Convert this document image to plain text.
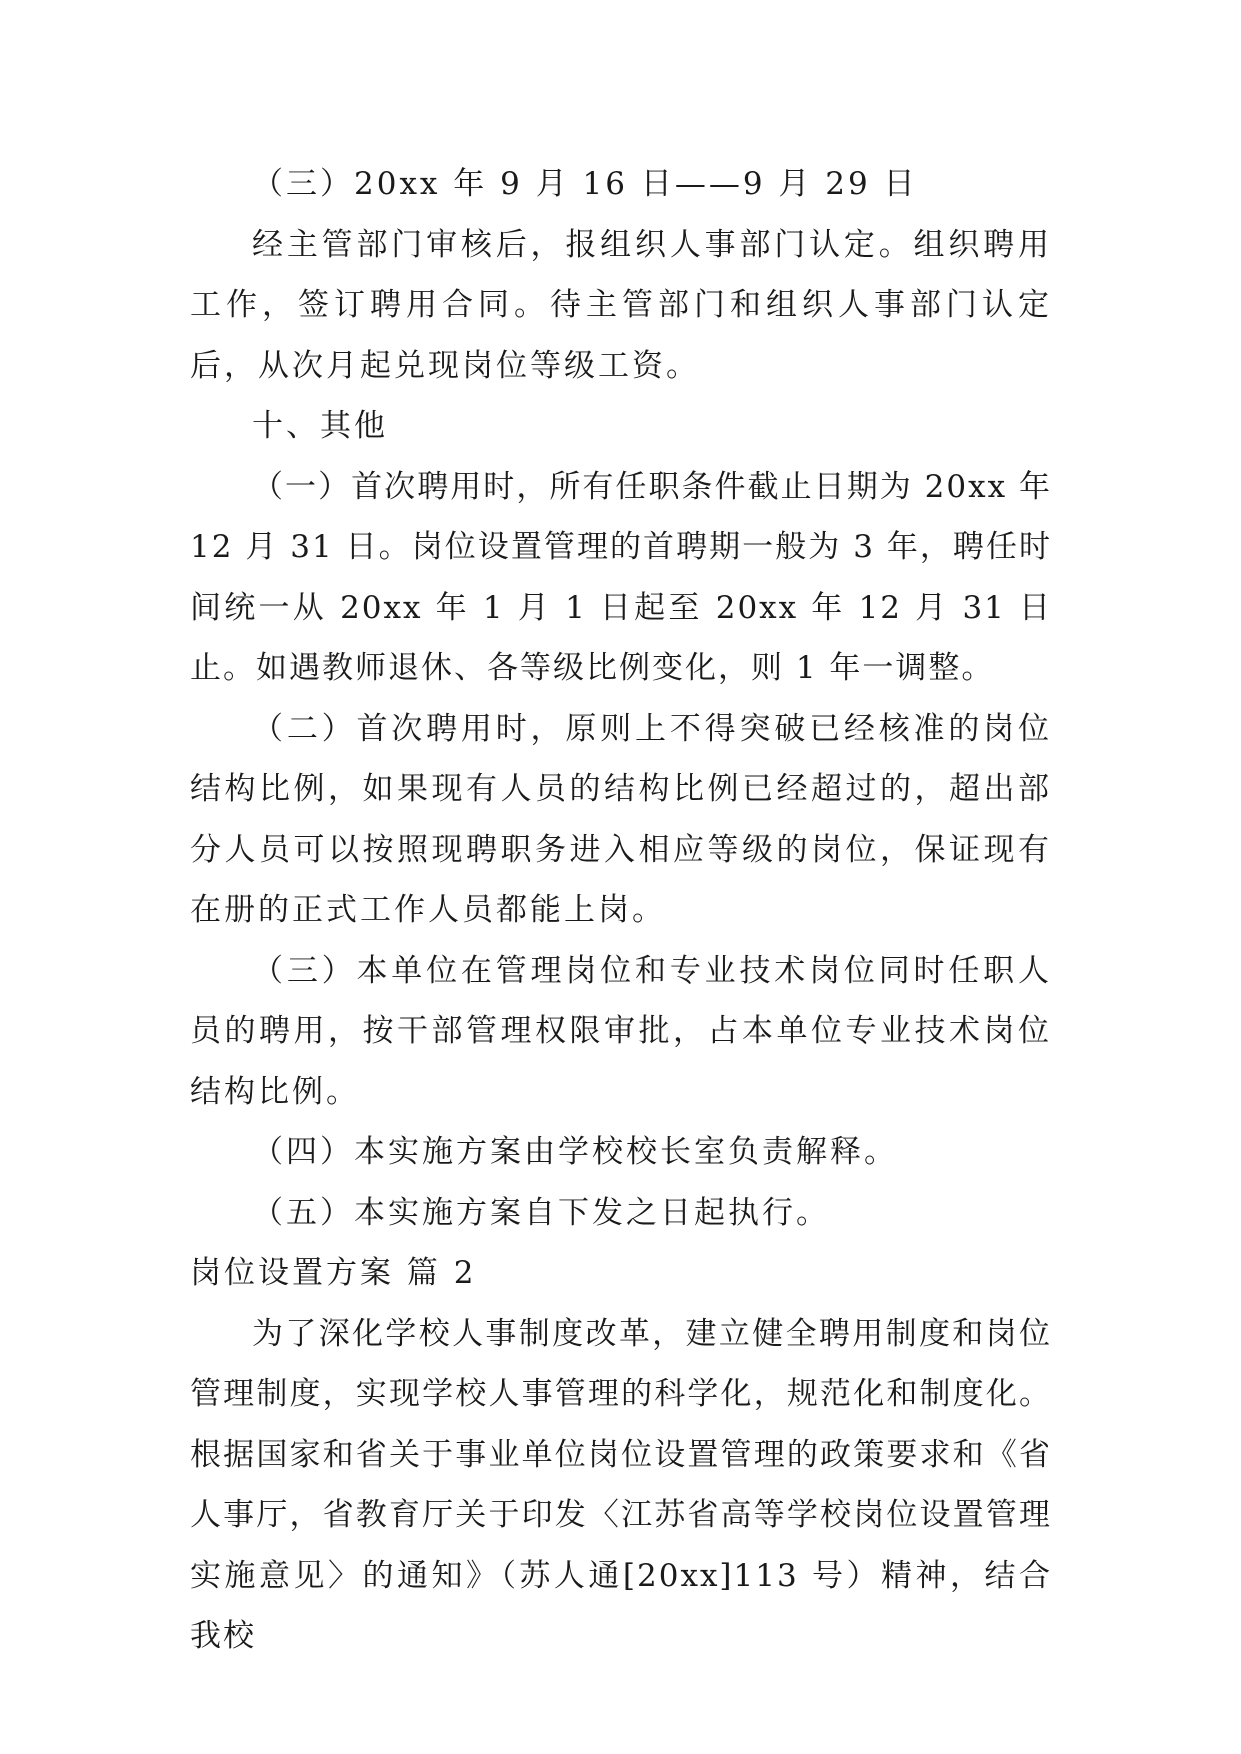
（三）20xx 年 9 月 16 日——9 月 29 日

经主管部门审核后，报组织人事部门认定。组织聘用工作，签订聘用合同。待主管部门和组织人事部门认定后，从次月起兑现岗位等级工资。

十、其他

（一）首次聘用时，所有任职条件截止日期为 20xx 年 12 月 31 日。岗位设置管理的首聘期一般为 3 年，聘任时间统一从 20xx 年 1 月 1 日起至 20xx 年 12 月 31 日止。如遇教师退休、各等级比例变化，则 1 年一调整。

（二）首次聘用时，原则上不得突破已经核准的岗位结构比例，如果现有人员的结构比例已经超过的，超出部分人员可以按照现聘职务进入相应等级的岗位，保证现有在册的正式工作人员都能上岗。

（三）本单位在管理岗位和专业技术岗位同时任职人员的聘用，按干部管理权限审批，占本单位专业技术岗位结构比例。

（四）本实施方案由学校校长室负责解释。

（五）本实施方案自下发之日起执行。

岗位设置方案 篇 2

为了深化学校人事制度改革，建立健全聘用制度和岗位管理制度，实现学校人事管理的科学化，规范化和制度化。根据国家和省关于事业单位岗位设置管理的政策要求和《省人事厅，省教育厅关于印发〈江苏省高等学校岗位设置管理实施意见〉的通知》（苏人通[20xx]113 号）精神，结合我校
